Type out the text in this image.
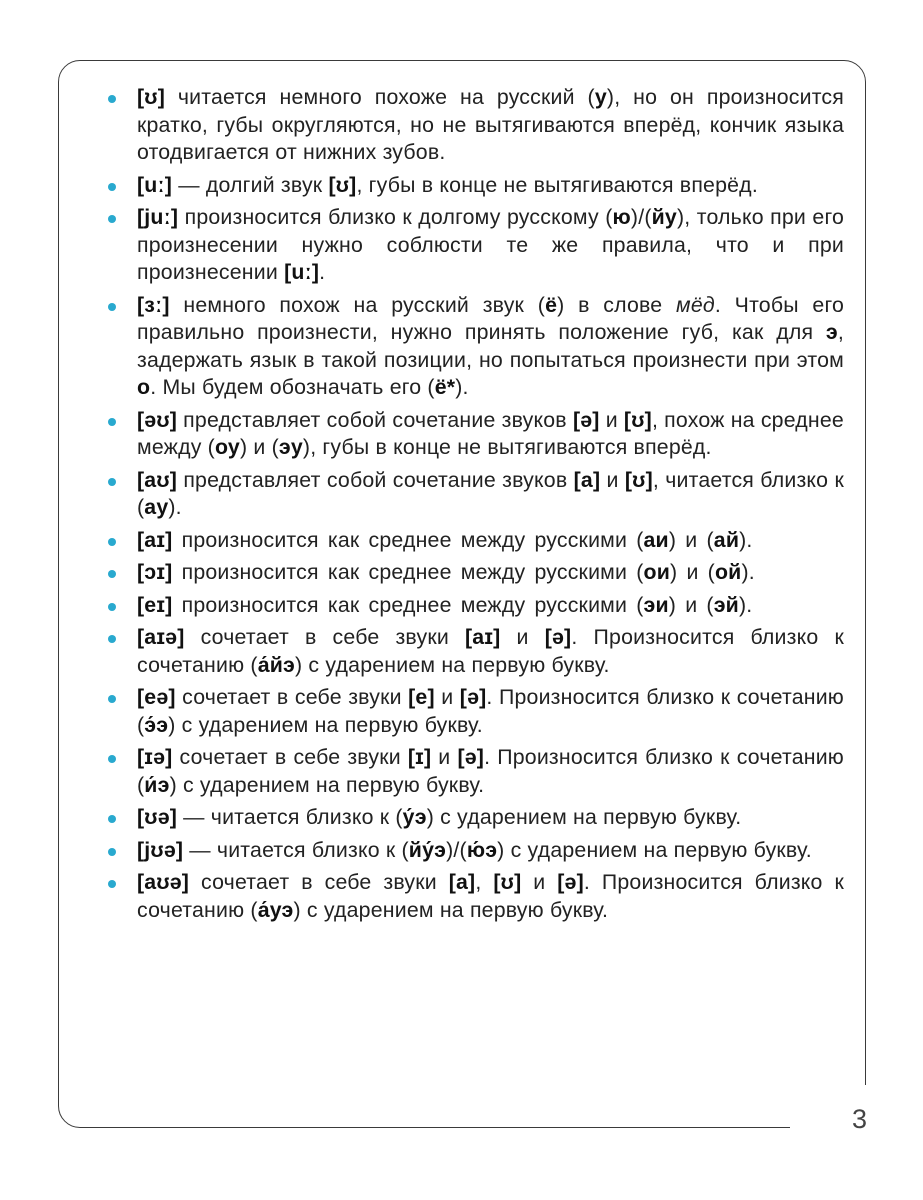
3
[ʊ] читается немного похоже на русский (у), но он произносится кратко, губы округляются, но не вытягиваются вперёд, кончик языка отодвигается от нижних зубов.
[uː] — долгий звук [ʊ], губы в конце не вытягиваются вперёд.
[juː] произносится близко к долгому русскому (ю)/(йу), только при его произнесении нужно соблюсти те же правила, что и при произнесении [uː].
[ɜː] немного похож на русский звук (ё) в слове мёд. Чтобы его правильно произнести, нужно принять положение губ, как для э, задержать язык в такой позиции, но попытаться произнести при этом о. Мы будем обозначать его (ё*).
[əʊ] представляет собой сочетание звуков [ə] и [ʊ], похож на среднее между (оу) и (эу), губы в конце не вытягиваются вперёд.
[aʊ] представляет собой сочетание звуков [a] и [ʊ], читается близко к (ау).
[aɪ] произносится как среднее между русскими (аи) и (ай).
[ɔɪ] произносится как среднее между русскими (ои) и (ой).
[eɪ] произносится как среднее между русскими (эи) и (эй).
[aɪə] сочетает в себе звуки [aɪ] и [ə]. Произносится близко к сочетанию (а́йэ) с ударением на первую букву.
[eə] сочетает в себе звуки [e] и [ə]. Произносится близко к сочетанию (э́э) с ударением на первую букву.
[ɪə] сочетает в себе звуки [ɪ] и [ə]. Произносится близко к сочетанию (и́э) с ударением на первую букву.
[ʊə] — читается близко к (у́э) с ударением на первую букву.
[jʊə] — читается близко к (йу́э)/(ю́э) с ударением на первую букву.
[aʊə] сочетает в себе звуки [a], [ʊ] и [ə]. Произносится близко к сочетанию (а́уэ) с ударением на первую букву.
